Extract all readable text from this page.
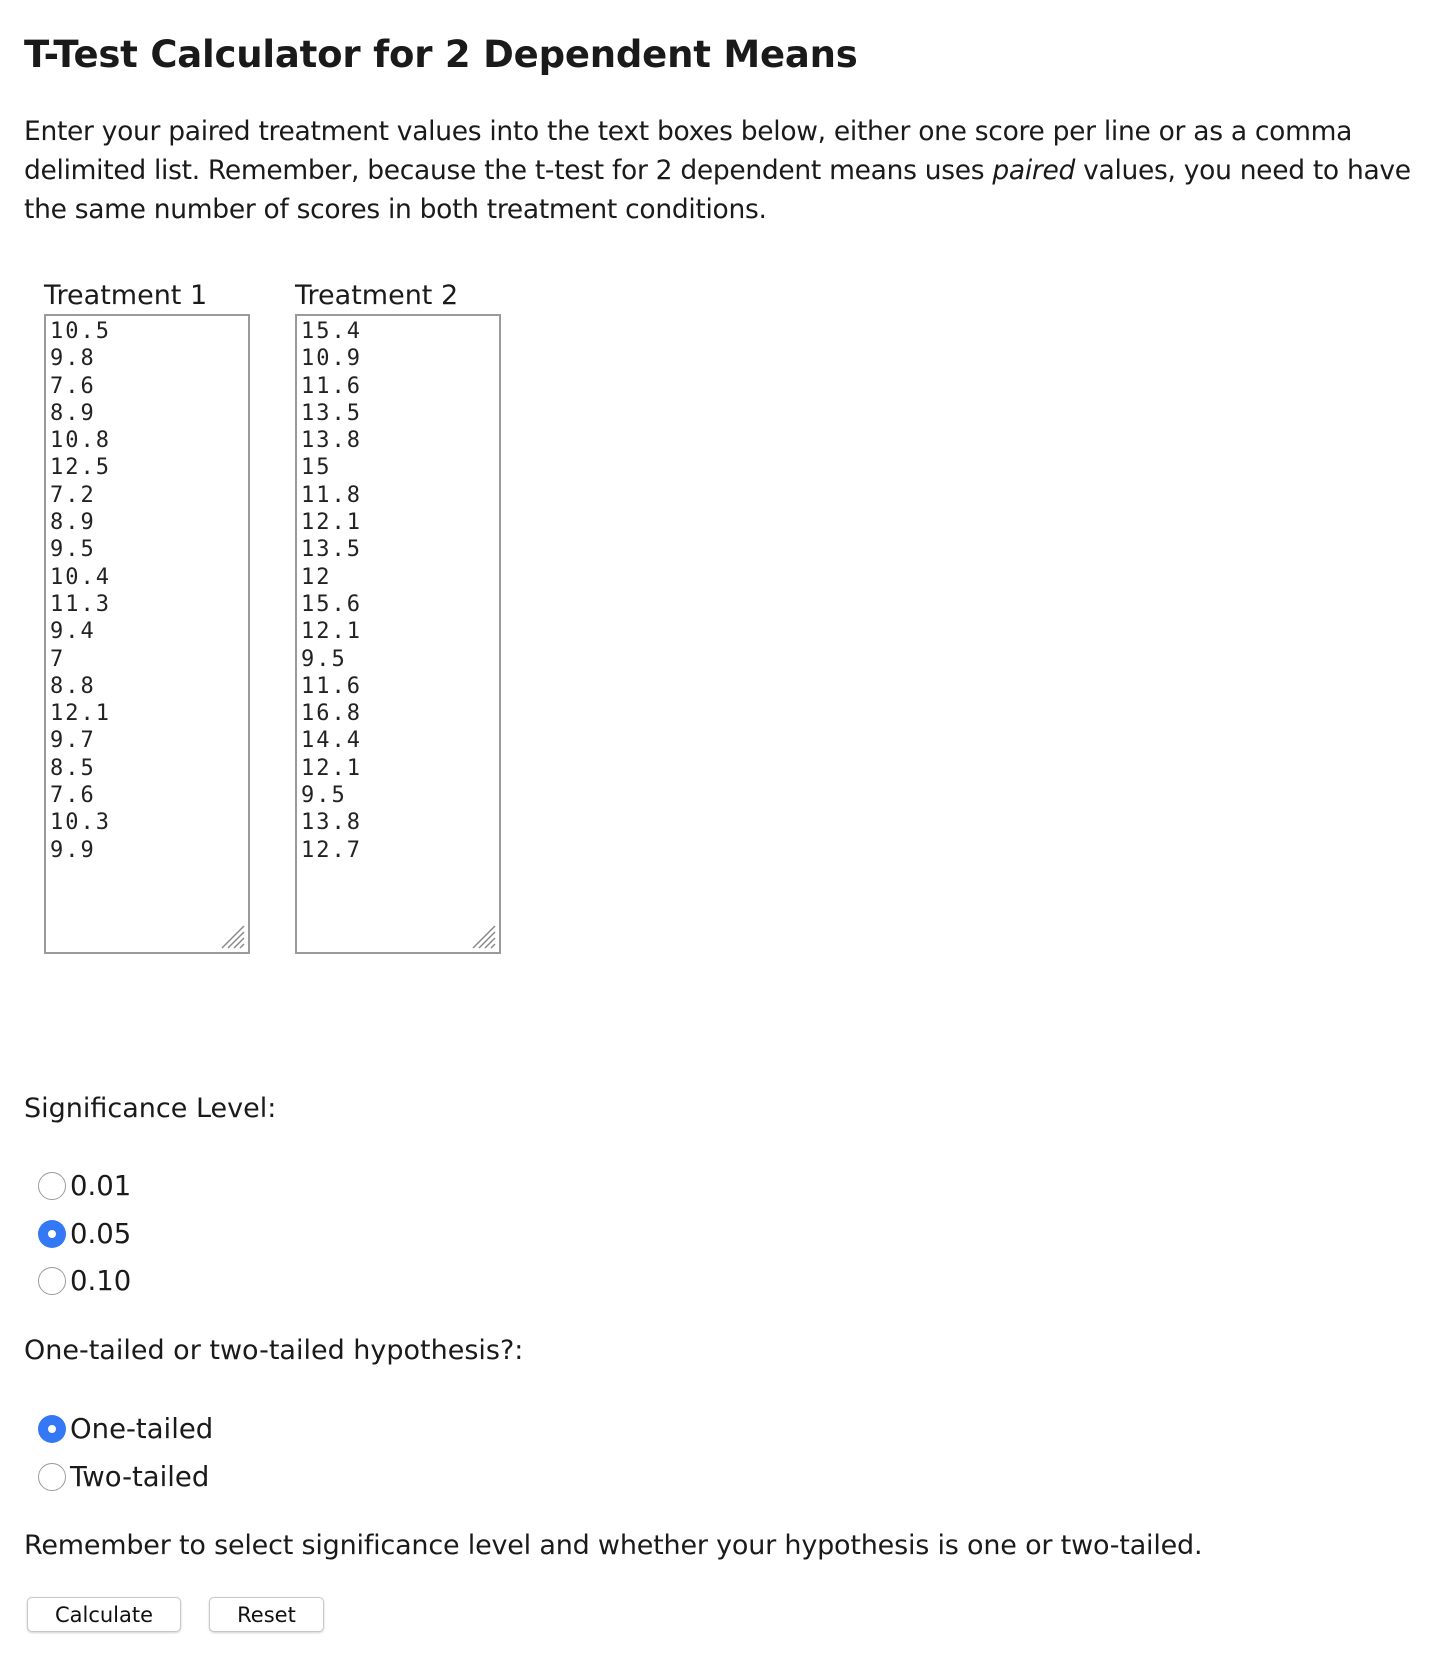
T-Test Calculator for 2 Dependent Means

Enter your paired treatment values into the text boxes below, either one score per line or as a comma delimited list. Remember, because the t-test for 2 dependent means uses paired values, you need to have the same number of scores in both treatment conditions.

Treatment 1
10.5
9.8
7.6
8.9
10.8
12.5
7.2
8.9
9.5
10.4
11.3
9.4
7
8.8
12.1
9.7
8.5
7.6
10.3
9.9
Treatment 2
15.4
10.9
11.6
13.5
13.8
15
11.8
12.1
13.5
12
15.6
12.1
9.5
11.6
16.8
14.4
12.1
9.5
13.8
12.7
Significance Level:
0.01
0.05
0.10
One-tailed or two-tailed hypothesis?:
One-tailed
Two-tailed
Remember to select significance level and whether your hypothesis is one or two-tailed.
Calculate	Reset
